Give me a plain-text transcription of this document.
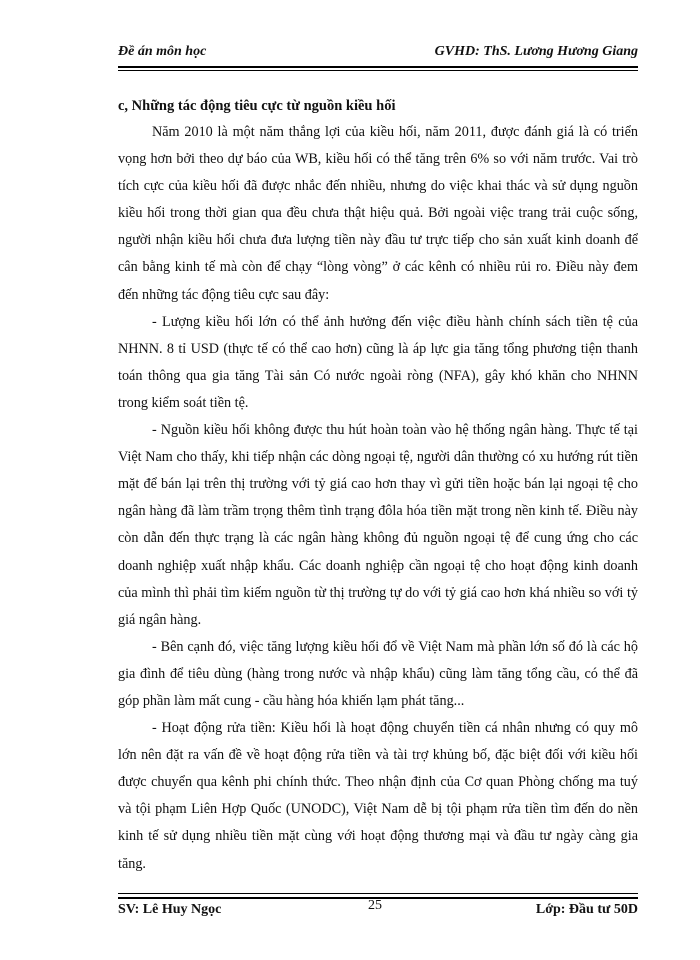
Đề án môn học	GVHD: ThS. Lương Hương Giang
c, Những tác động tiêu cực từ nguồn kiều hối

Năm 2010 là một năm thắng lợi của kiều hối, năm 2011, được đánh giá là có triển vọng hơn bởi theo dự báo của WB, kiều hối có thể tăng trên 6% so với năm trước. Vai trò tích cực của kiều hối đã được nhắc đến nhiều, nhưng do việc khai thác và sử dụng nguồn kiều hối trong thời gian qua đều chưa thật hiệu quả. Bởi ngoài việc trang trải cuộc sống, người nhận kiều hối chưa đưa lượng tiền này đầu tư trực tiếp cho sản xuất kinh doanh để cân bằng kinh tế mà còn để chạy “lòng vòng” ở các kênh có nhiều rủi ro. Điều này đem đến những tác động tiêu cực sau đây:

- Lượng kiều hối lớn có thể ảnh hưởng đến việc điều hành chính sách tiền tệ của NHNN. 8 tỉ USD (thực tế có thể cao hơn) cũng là áp lực gia tăng tổng phương tiện thanh toán thông qua gia tăng Tài sản Có nước ngoài ròng (NFA), gây khó khăn cho NHNN trong kiểm soát tiền tệ.

- Nguồn kiều hối không được thu hút hoàn toàn vào hệ thống ngân hàng. Thực tế tại Việt Nam cho thấy, khi tiếp nhận các dòng ngoại tệ, người dân thường có xu hướng rút tiền mặt để bán lại trên thị trường với tỷ giá cao hơn thay vì gửi tiền hoặc bán lại ngoại tệ cho ngân hàng đã làm trầm trọng thêm tình trạng đôla hóa tiền mặt trong nền kinh tế. Điều này còn dẫn đến thực trạng là các ngân hàng không đủ nguồn ngoại tệ để cung ứng cho các doanh nghiệp xuất nhập khẩu. Các doanh nghiệp cần ngoại tệ cho hoạt động kinh doanh của mình thì phải tìm kiếm nguồn từ thị trường tự do với tỷ giá cao hơn khá nhiều so với tỷ giá ngân hàng.

- Bên cạnh đó, việc tăng lượng kiều hối đổ về Việt Nam mà phần lớn số đó là các hộ gia đình để tiêu dùng (hàng trong nước và nhập khẩu) cũng làm tăng tổng cầu, có thể đã góp phần làm mất cung - cầu hàng hóa khiến lạm phát tăng...

- Hoạt động rửa tiền: Kiều hối là hoạt động chuyển tiền cá nhân nhưng có quy mô lớn nên đặt ra vấn đề về hoạt động rửa tiền và tài trợ khủng bố, đặc biệt đối với kiều hối được chuyển qua kênh phi chính thức. Theo nhận định của Cơ quan Phòng chống ma tuý và tội phạm Liên Hợp Quốc (UNODC), Việt Nam dễ bị tội phạm rửa tiền tìm đến do nền kinh tế sử dụng nhiều tiền mặt cùng với hoạt động thương mại và đầu tư ngày càng gia tăng.

SV: Lê Huy Ngọc	25	Lớp: Đầu tư 50D
